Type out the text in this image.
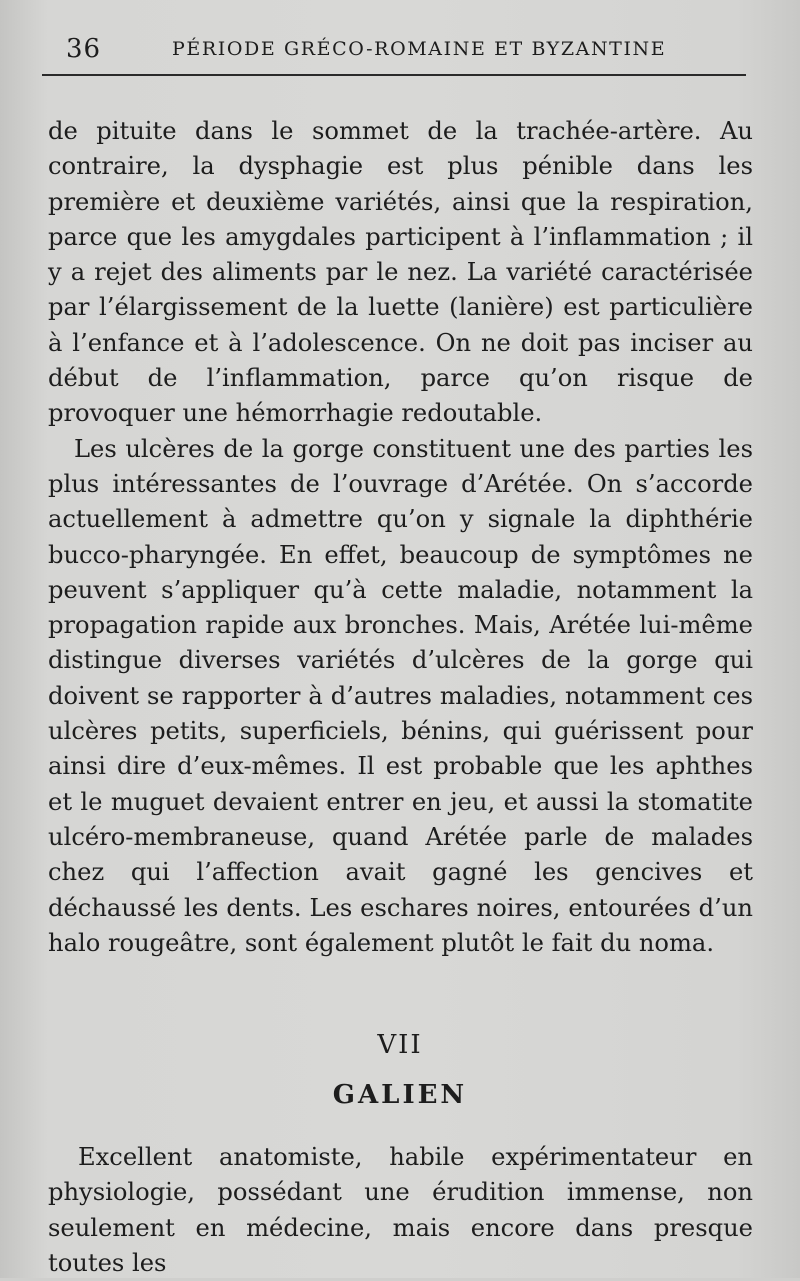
36	PÉRIODE GRÉCO-ROMAINE ET BYZANTINE

de pituite dans le sommet de la trachée-artère. Au contraire, la dysphagie est plus pénible dans les première et deuxième variétés, ainsi que la respiration, parce que les amygdales participent à l’inflammation ; il y a rejet des aliments par le nez. La variété caractérisée par l’élargissement de la luette (lanière) est particulière à l’enfance et à l’adolescence. On ne doit pas inciser au début de l’inflammation, parce qu’on risque de provoquer une hémorrhagie redoutable.

Les ulcères de la gorge constituent une des parties les plus intéressantes de l’ouvrage d’Arétée. On s’accorde actuellement à admettre qu’on y signale la diphthérie bucco-pharyngée. En effet, beaucoup de symptômes ne peuvent s’appliquer qu’à cette maladie, notamment la propagation rapide aux bronches. Mais, Arétée lui-même distingue diverses variétés d’ulcères de la gorge qui doivent se rapporter à d’autres maladies, notamment ces ulcères petits, superficiels, bénins, qui guérissent pour ainsi dire d’eux-mêmes. Il est probable que les aphthes et le muguet devaient entrer en jeu, et aussi la stomatite ulcéro-membraneuse, quand Arétée parle de malades chez qui l’affection avait gagné les gencives et déchaussé les dents. Les eschares noires, entourées d’un halo rougeâtre, sont également plutôt le fait du noma.

VII
GALIEN

Excellent anatomiste, habile expérimentateur en physiologie, possédant une érudition immense, non seulement en médecine, mais encore dans presque toutes les
